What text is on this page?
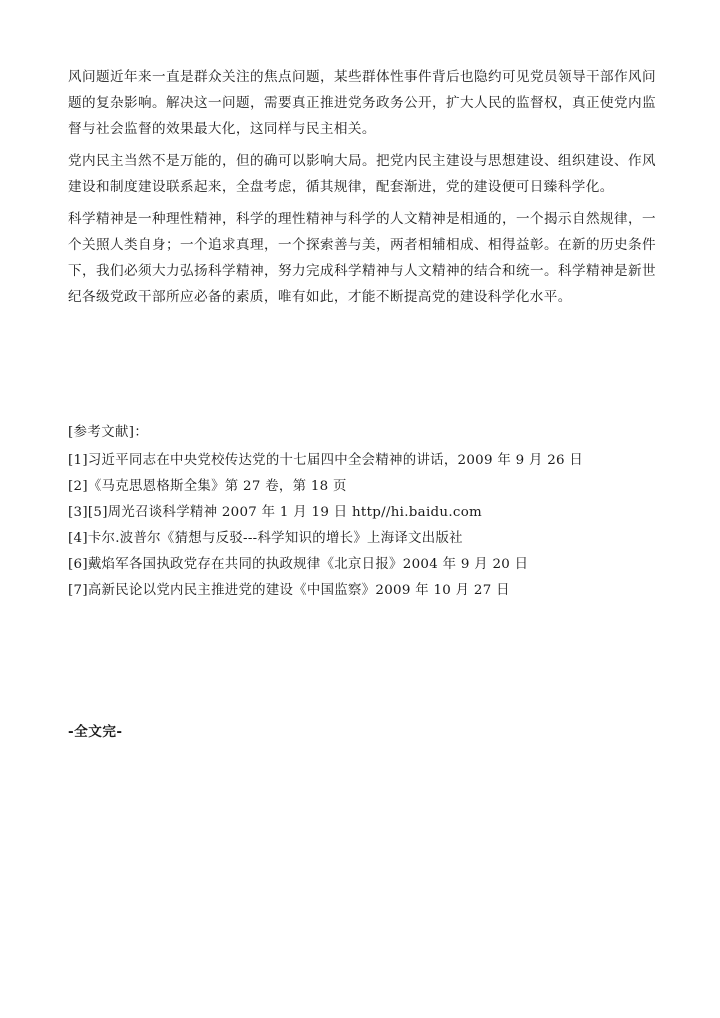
风问题近年来一直是群众关注的焦点问题，某些群体性事件背后也隐约可见党员领导干部作风问题的复杂影响。解决这一问题，需要真正推进党务政务公开，扩大人民的监督权，真正使党内监督与社会监督的效果最大化，这同样与民主相关。

党内民主当然不是万能的，但的确可以影响大局。把党内民主建设与思想建设、组织建设、作风建设和制度建设联系起来，全盘考虑，循其规律，配套渐进，党的建设便可日臻科学化。

科学精神是一种理性精神，科学的理性精神与科学的人文精神是相通的，一个揭示自然规律，一个关照人类自身；一个追求真理，一个探索善与美，两者相辅相成、相得益彰。在新的历史条件下，我们必须大力弘扬科学精神，努力完成科学精神与人文精神的结合和统一。科学精神是新世纪各级党政干部所应必备的素质，唯有如此，才能不断提高党的建设科学化水平。

[参考文献]：
[1]习近平同志在中央党校传达党的十七届四中全会精神的讲话，2009 年 9 月 26 日
[2]《马克思恩格斯全集》第 27 卷，第 18 页
[3][5]周光召谈科学精神 2007 年 1 月 19 日 http//hi.baidu.com
[4]卡尔.波普尔《猜想与反驳---科学知识的增长》上海译文出版社
[6]戴焰军各国执政党存在共同的执政规律《北京日报》2004 年 9 月 20 日
[7]高新民论以党内民主推进党的建设《中国监察》2009 年 10 月 27 日
-全文完-
